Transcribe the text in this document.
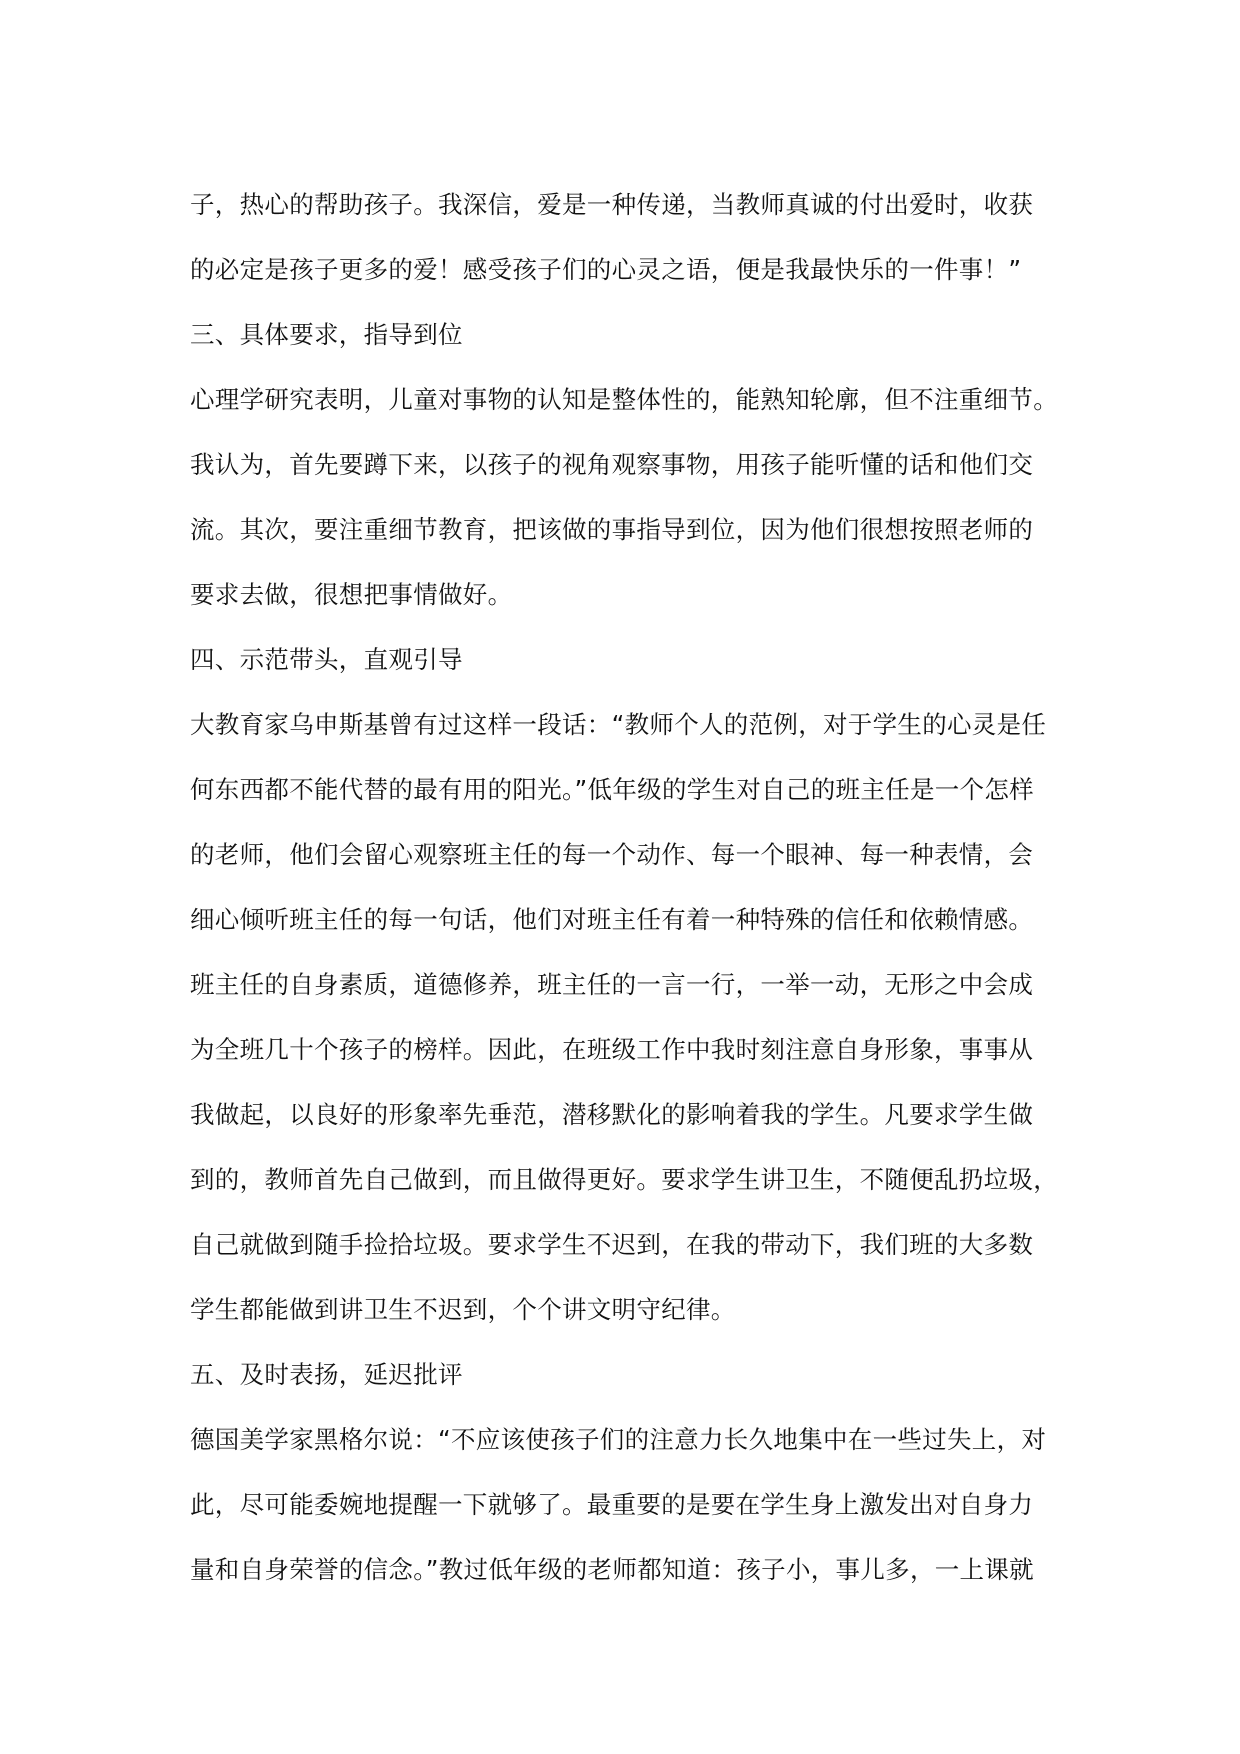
子，热心的帮助孩子。我深信，爱是一种传递，当教师真诚的付出爱时，收获
的必定是孩子更多的爱！感受孩子们的心灵之语，便是我最快乐的一件事！”
三、具体要求，指导到位
心理学研究表明，儿童对事物的认知是整体性的，能熟知轮廓，但不注重细节。
我认为，首先要蹲下来，以孩子的视角观察事物，用孩子能听懂的话和他们交
流。其次，要注重细节教育，把该做的事指导到位，因为他们很想按照老师的
要求去做，很想把事情做好。
四、示范带头，直观引导
大教育家乌申斯基曾有过这样一段话：“教师个人的范例，对于学生的心灵是任
何东西都不能代替的最有用的阳光。”低年级的学生对自己的班主任是一个怎样
的老师，他们会留心观察班主任的每一个动作、每一个眼神、每一种表情，会
细心倾听班主任的每一句话，他们对班主任有着一种特殊的信任和依赖情感。
班主任的自身素质，道德修养，班主任的一言一行，一举一动，无形之中会成
为全班几十个孩子的榜样。因此，在班级工作中我时刻注意自身形象，事事从
我做起，以良好的形象率先垂范，潜移默化的影响着我的学生。凡要求学生做
到的，教师首先自己做到，而且做得更好。要求学生讲卫生，不随便乱扔垃圾，
自己就做到随手捡拾垃圾。要求学生不迟到，在我的带动下，我们班的大多数
学生都能做到讲卫生不迟到，个个讲文明守纪律。
五、及时表扬，延迟批评
德国美学家黑格尔说：“不应该使孩子们的注意力长久地集中在一些过失上，对
此，尽可能委婉地提醒一下就够了。最重要的是要在学生身上激发出对自身力
量和自身荣誉的信念。”教过低年级的老师都知道：孩子小，事儿多，一上课就
